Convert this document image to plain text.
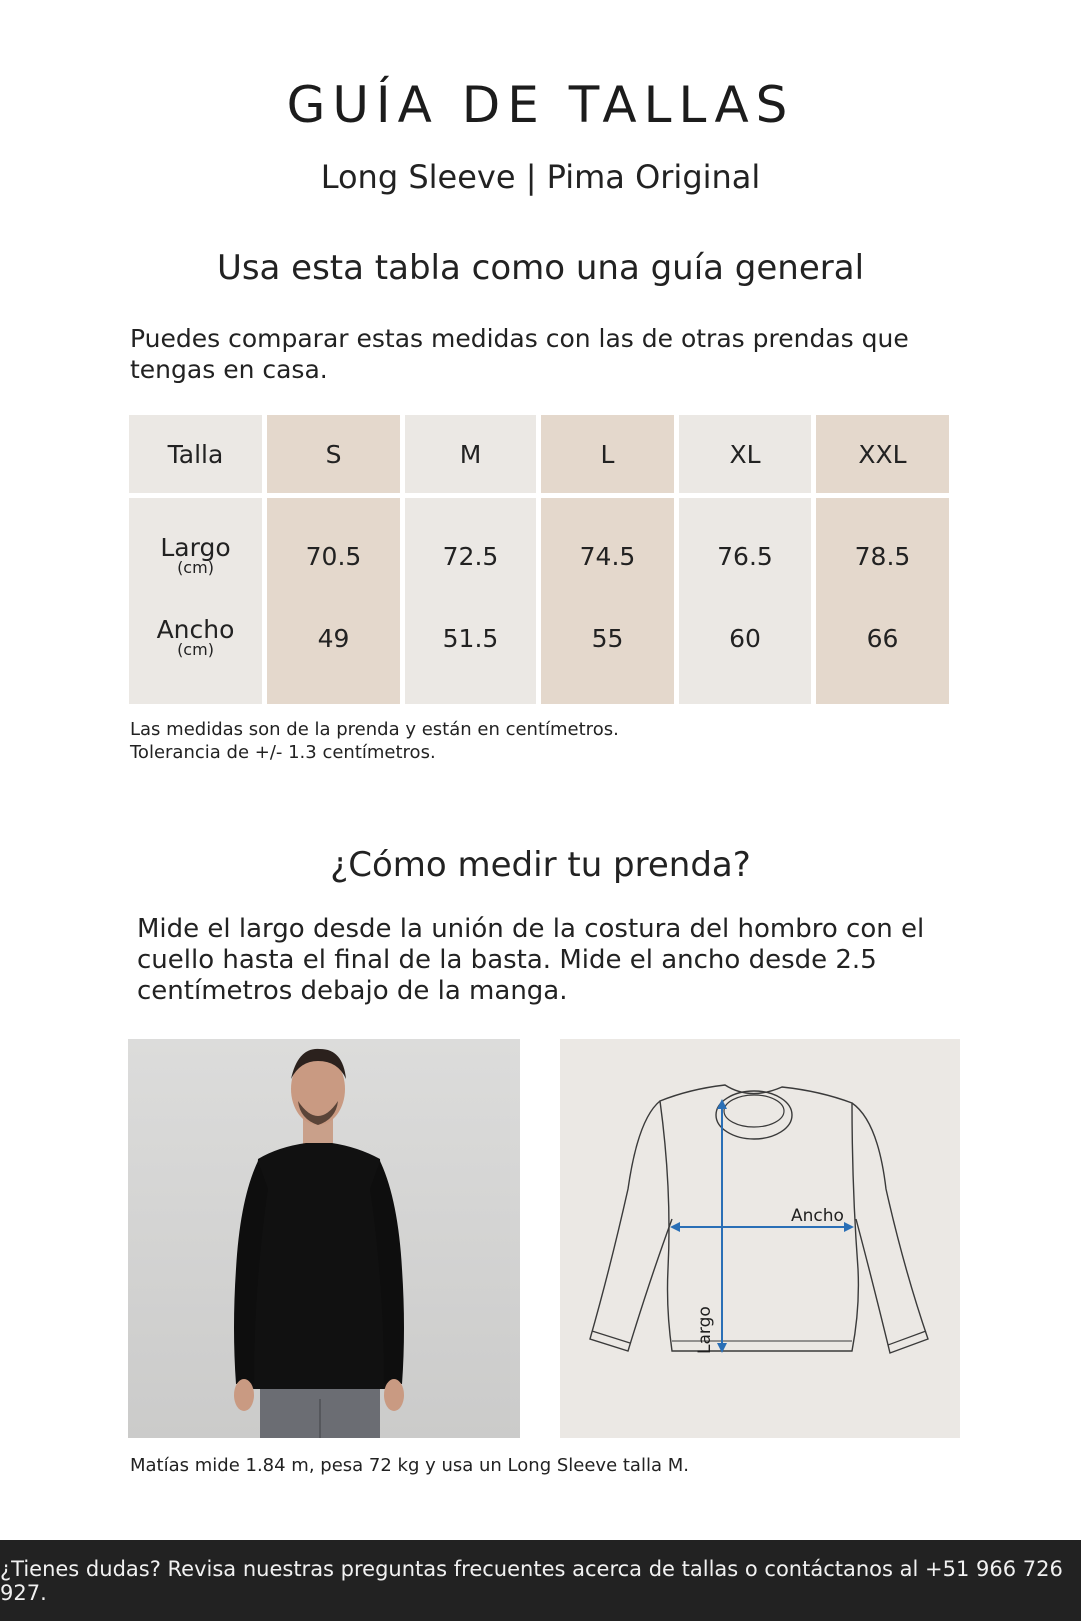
GUÍA DE TALLAS
Long Sleeve | Pima Original
Usa esta tabla como una guía general
Puedes comparar estas medidas con las de otras prendas que tengas en casa.
Talla	S	M	L	XL	XXL
Largo
(cm)	70.5	72.5	74.5	76.5	78.5
Ancho
(cm)	49	51.5	55	60	66
Las medidas son de la prenda y están en centímetros.
Tolerancia de +/- 1.3 centímetros.
¿Cómo medir tu prenda?
Mide el largo desde la unión de la costura del hombro con el cuello hasta el final de la basta. Mide el ancho desde 2.5 centímetros debajo de la manga.
Ancho
Largo
Matías mide 1.84 m, pesa 72 kg y usa un Long Sleeve talla M.
¿Tienes dudas? Revisa nuestras preguntas frecuentes acerca de tallas o contáctanos al +51 966 726 927.
